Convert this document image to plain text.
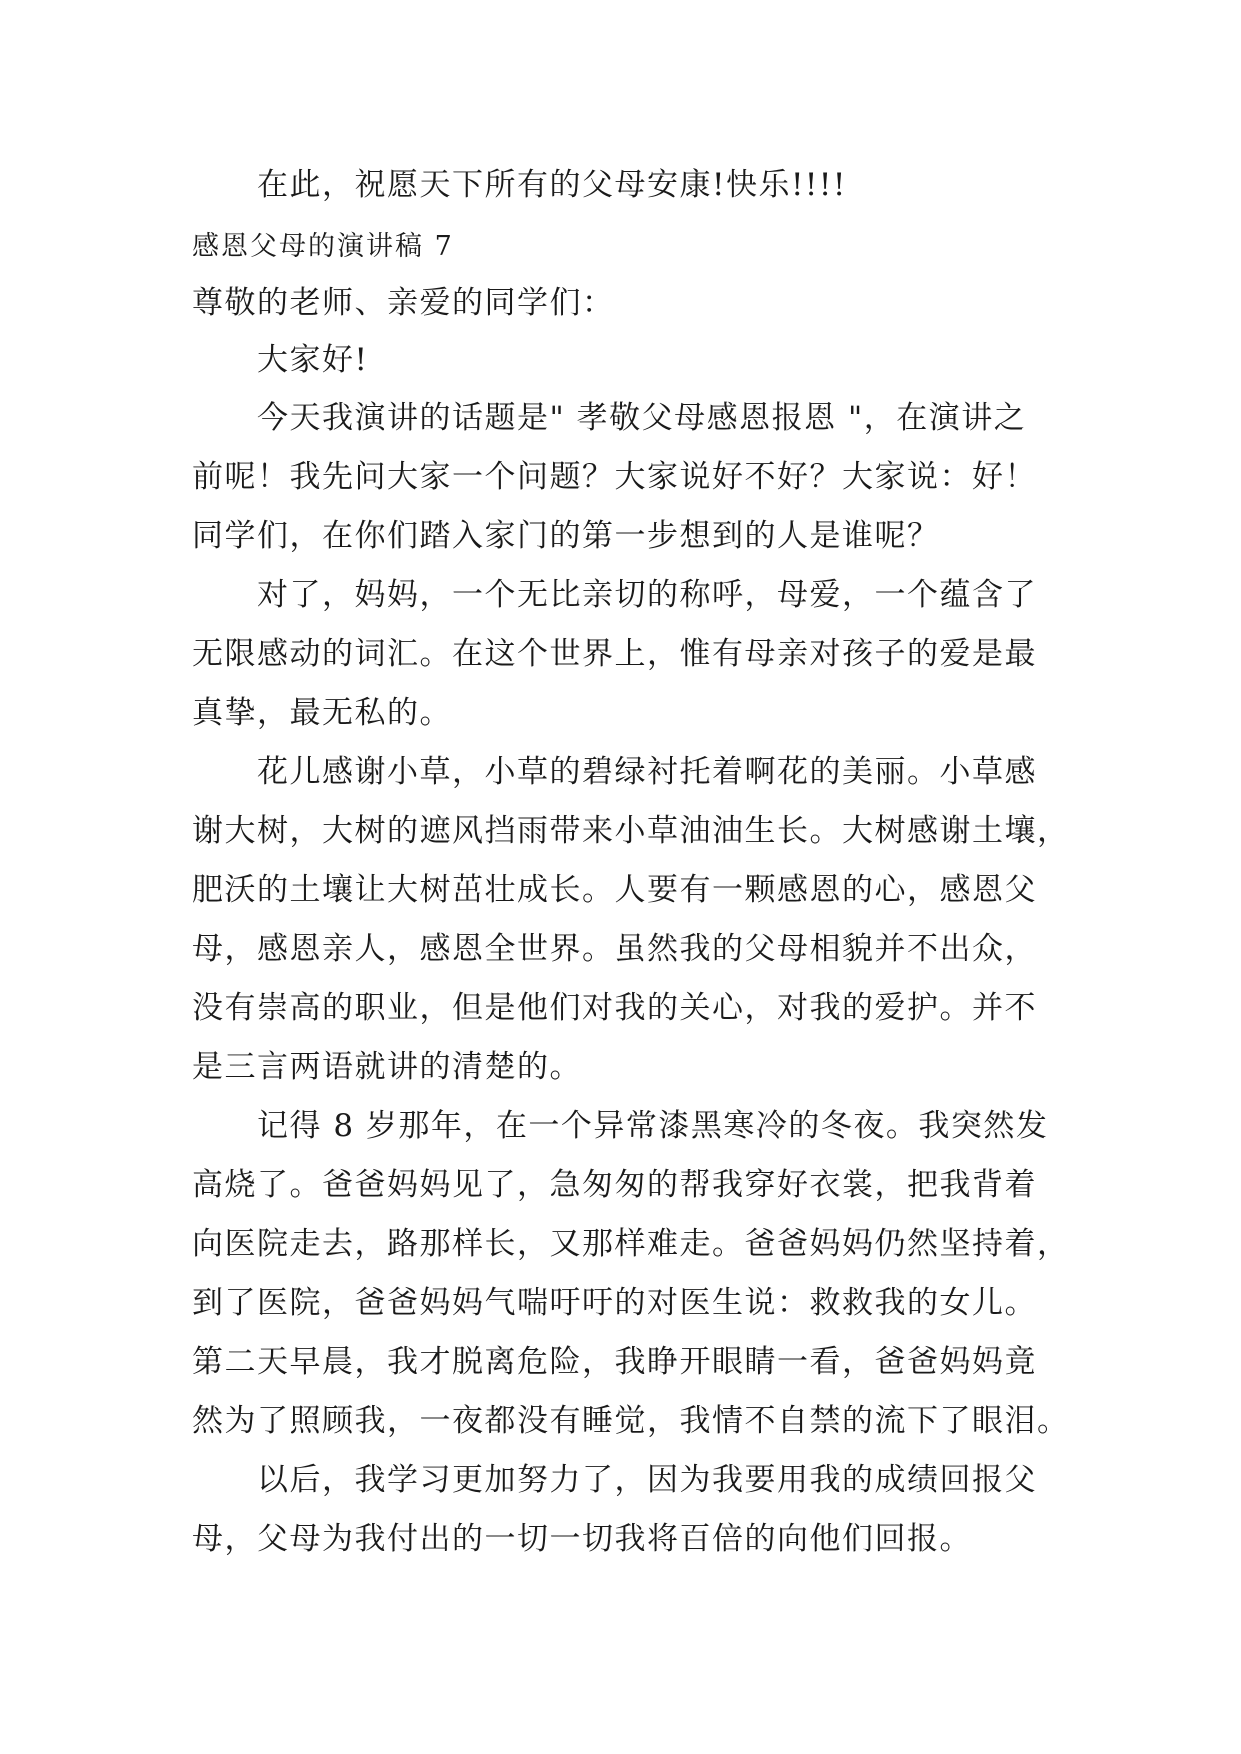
在此，祝愿天下所有的父母安康!快乐!!!!

感恩父母的演讲稿 7

尊敬的老师、亲爱的同学们：

大家好!

今天我演讲的话题是" 孝敬父母感恩报恩 "，在演讲之

前呢！我先问大家一个问题？大家说好不好？大家说：好！

同学们，在你们踏入家门的第一步想到的人是谁呢？

对了，妈妈，一个无比亲切的称呼，母爱，一个蕴含了

无限感动的词汇。在这个世界上，惟有母亲对孩子的爱是最

真挚，最无私的。

花儿感谢小草，小草的碧绿衬托着啊花的美丽。小草感

谢大树，大树的遮风挡雨带来小草油油生长。大树感谢土壤，

肥沃的土壤让大树茁壮成长。人要有一颗感恩的心，感恩父

母，感恩亲人，感恩全世界。虽然我的父母相貌并不出众，

没有崇高的职业，但是他们对我的关心，对我的爱护。并不

是三言两语就讲的清楚的。

记得 8 岁那年，在一个异常漆黑寒冷的冬夜。我突然发

高烧了。爸爸妈妈见了，急匆匆的帮我穿好衣裳，把我背着

向医院走去，路那样长，又那样难走。爸爸妈妈仍然坚持着，

到了医院，爸爸妈妈气喘吁吁的对医生说：救救我的女儿。

第二天早晨，我才脱离危险，我睁开眼睛一看，爸爸妈妈竟

然为了照顾我，一夜都没有睡觉，我情不自禁的流下了眼泪。

以后，我学习更加努力了，因为我要用我的成绩回报父

母，父母为我付出的一切一切我将百倍的向他们回报。
